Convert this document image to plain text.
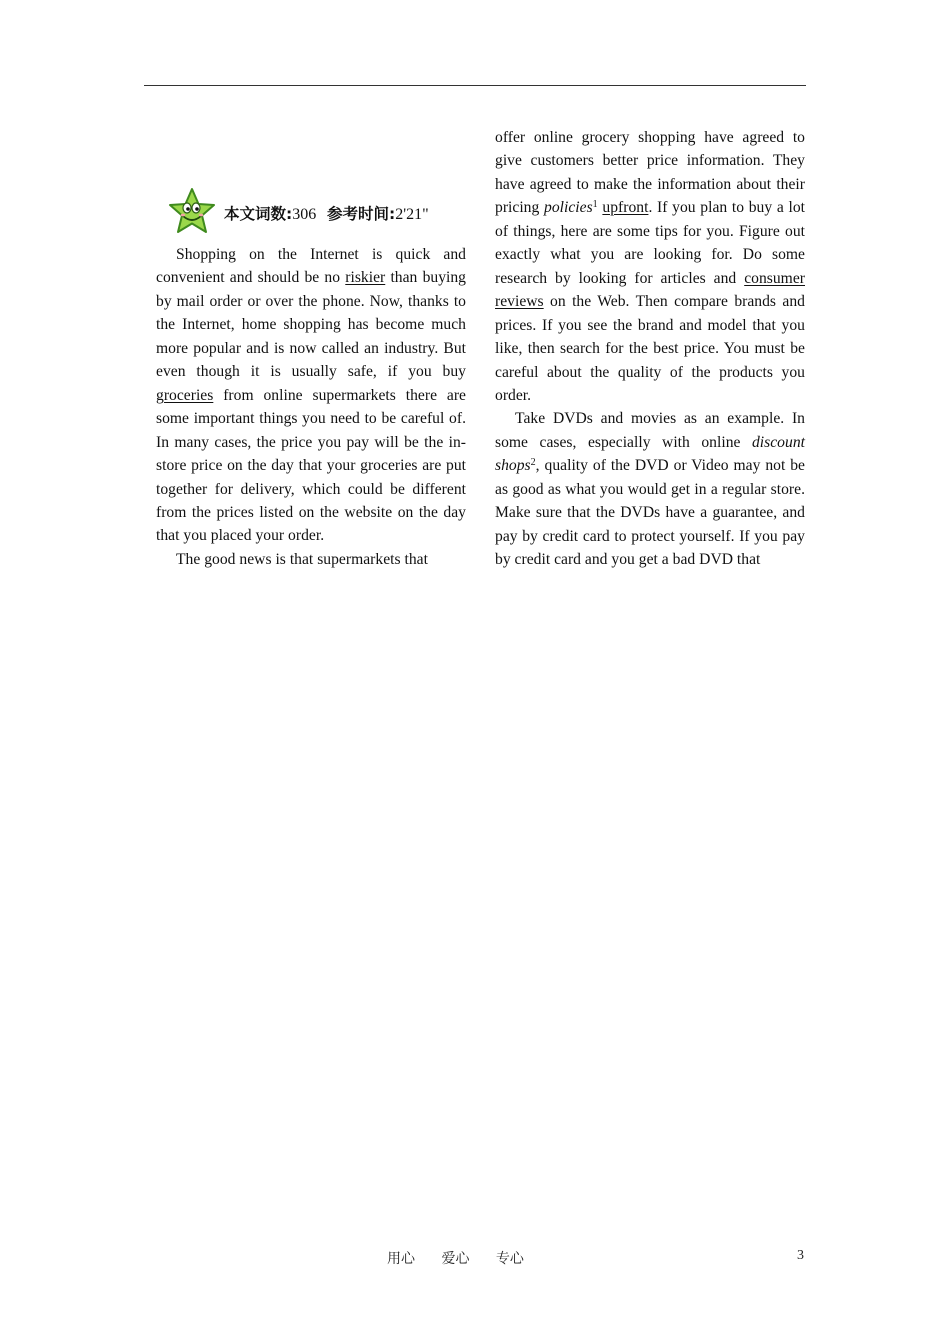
本文词数:306 参考时间:2'21"

Shopping on the Internet is quick and convenient and should be no riskier than buying by mail order or over the phone. Now, thanks to the Internet, home shopping has become much more popular and is now called an industry. But even though it is usually safe, if you buy groceries from online supermarkets there are some important things you need to be careful of. In many cases, the price you pay will be the in-store price on the day that your groceries are put together for delivery, which could be different from the prices listed on the website on the day that you placed your order.

The good news is that supermarkets that

offer online grocery shopping have agreed to give customers better price information. They have agreed to make the information about their pricing policies$^1$ upfront. If you plan to buy a lot of things, here are some tips for you. Figure out exactly what you are looking for. Do some research by looking for articles and consumer reviews on the Web. Then compare brands and prices. If you see the brand and model that you like, then search for the best price. You must be careful about the quality of the products you order.

Take DVDs and movies as an example. In some cases, especially with online discount shops$^2$, quality of the DVD or Video may not be as good as what you would get in a regular store. Make sure that the DVDs have a guarantee, and pay by credit card to protect yourself. If you pay by credit card and you get a bad DVD that

用心 爱心 专心	3
